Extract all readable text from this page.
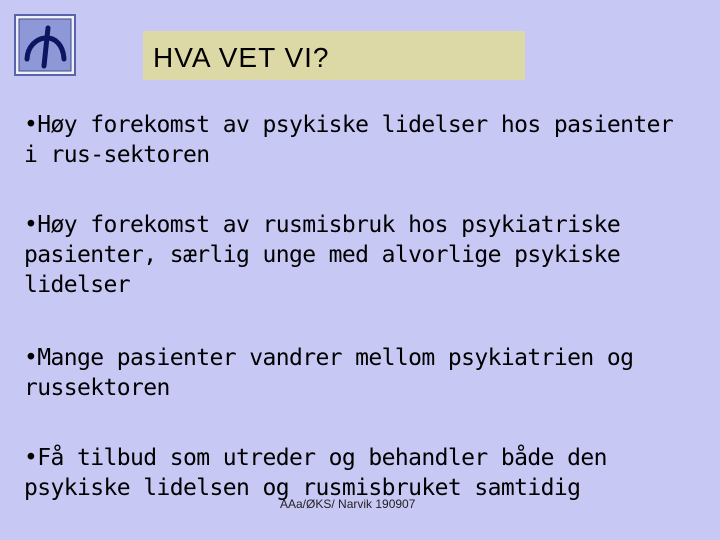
HVA VET VI?
•Høy forekomst av psykiske lidelser hos pasienter
i rus-sektoren
•Høy forekomst av rusmisbruk hos psykiatriske
pasienter, særlig unge med alvorlige psykiske
lidelser
•Mange pasienter vandrer mellom psykiatrien og
russektoren
•Få tilbud som utreder og behandler både den
psykiske lidelsen og rusmisbruket samtidig
AAa/ØKS/ Narvik 190907
